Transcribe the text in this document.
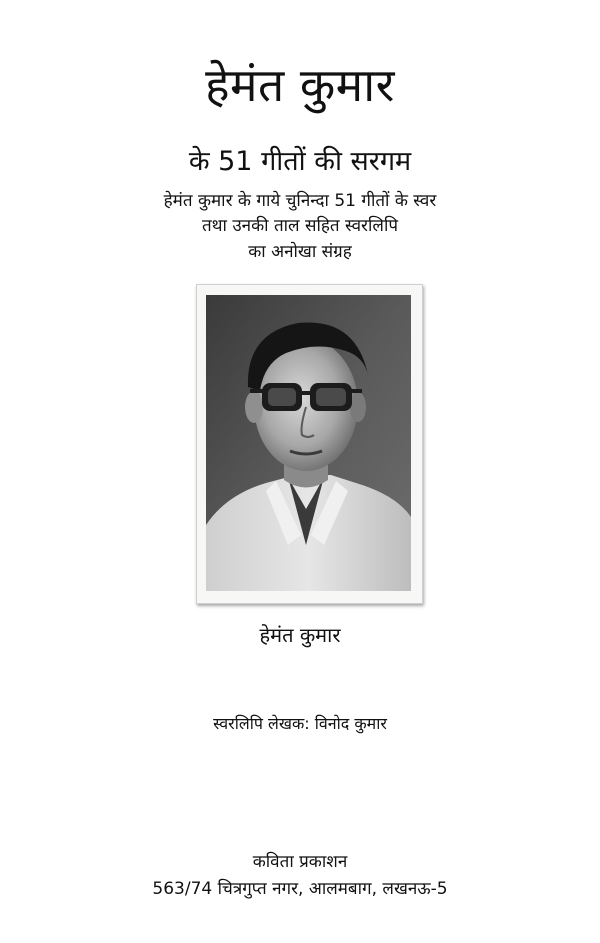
हेमंत कुमार
के 51 गीतों की सरगम
हेमंत कुमार के गाये चुनिन्दा 51 गीतों के स्वर
तथा उनकी ताल सहित स्वरलिपि
का अनोखा संग्रह
हेमंत कुमार
स्वरलिपि लेखक: विनोद कुमार
कविता प्रकाशन
563/74 चित्रगुप्त नगर, आलमबाग, लखनऊ-5
